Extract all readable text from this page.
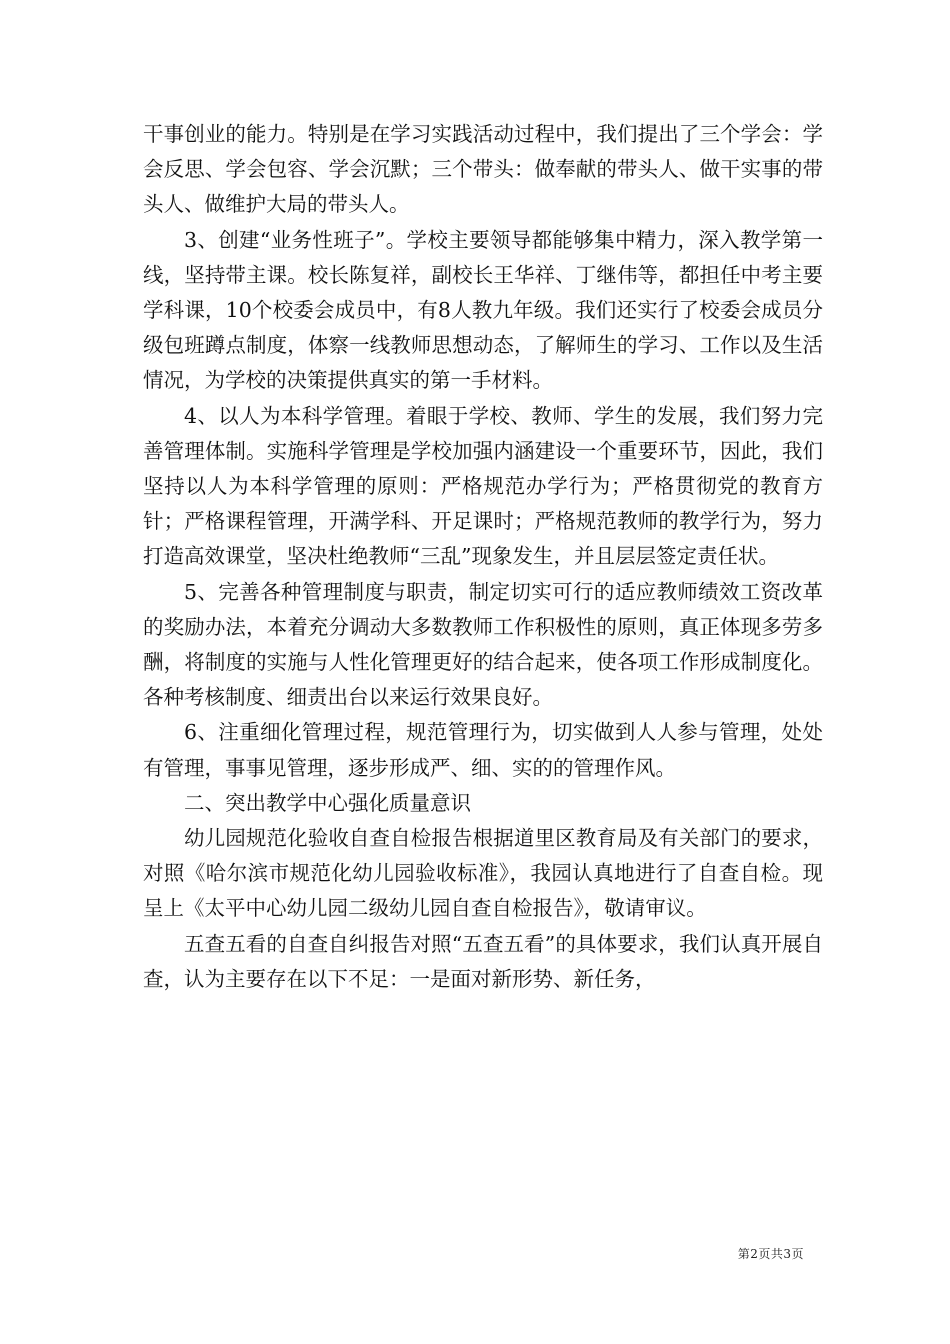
干事创业的能力。特别是在学习实践活动过程中，我们提出了三个学会：学会反思、学会包容、学会沉默；三个带头：做奉献的带头人、做干实事的带头人、做维护大局的带头人。

3、创建“业务性班子”。学校主要领导都能够集中精力，深入教学第一线，坚持带主课。校长陈复祥，副校长王华祥、丁继伟等，都担任中考主要学科课，10个校委会成员中，有8人教九年级。我们还实行了校委会成员分级包班蹲点制度，体察一线教师思想动态，了解师生的学习、工作以及生活情况，为学校的决策提供真实的第一手材料。

4、以人为本科学管理。着眼于学校、教师、学生的发展，我们努力完善管理体制。实施科学管理是学校加强内涵建设一个重要环节，因此，我们坚持以人为本科学管理的原则：严格规范办学行为；严格贯彻党的教育方针；严格课程管理，开满学科、开足课时；严格规范教师的教学行为，努力打造高效课堂，坚决杜绝教师“三乱”现象发生，并且层层签定责任状。

5、完善各种管理制度与职责，制定切实可行的适应教师绩效工资改革的奖励办法，本着充分调动大多数教师工作积极性的原则，真正体现多劳多酬，将制度的实施与人性化管理更好的结合起来，使各项工作形成制度化。各种考核制度、细责出台以来运行效果良好。

6、注重细化管理过程，规范管理行为，切实做到人人参与管理，处处有管理，事事见管理，逐步形成严、细、实的的管理作风。

二、突出教学中心强化质量意识

幼儿园规范化验收自查自检报告根据道里区教育局及有关部门的要求，对照《哈尔滨市规范化幼儿园验收标准》，我园认真地进行了自查自检。现呈上《太平中心幼儿园二级幼儿园自查自检报告》，敬请审议。

五查五看的自查自纠报告对照“五查五看”的具体要求，我们认真开展自查，认为主要存在以下不足：一是面对新形势、新任务，

第2页共3页
